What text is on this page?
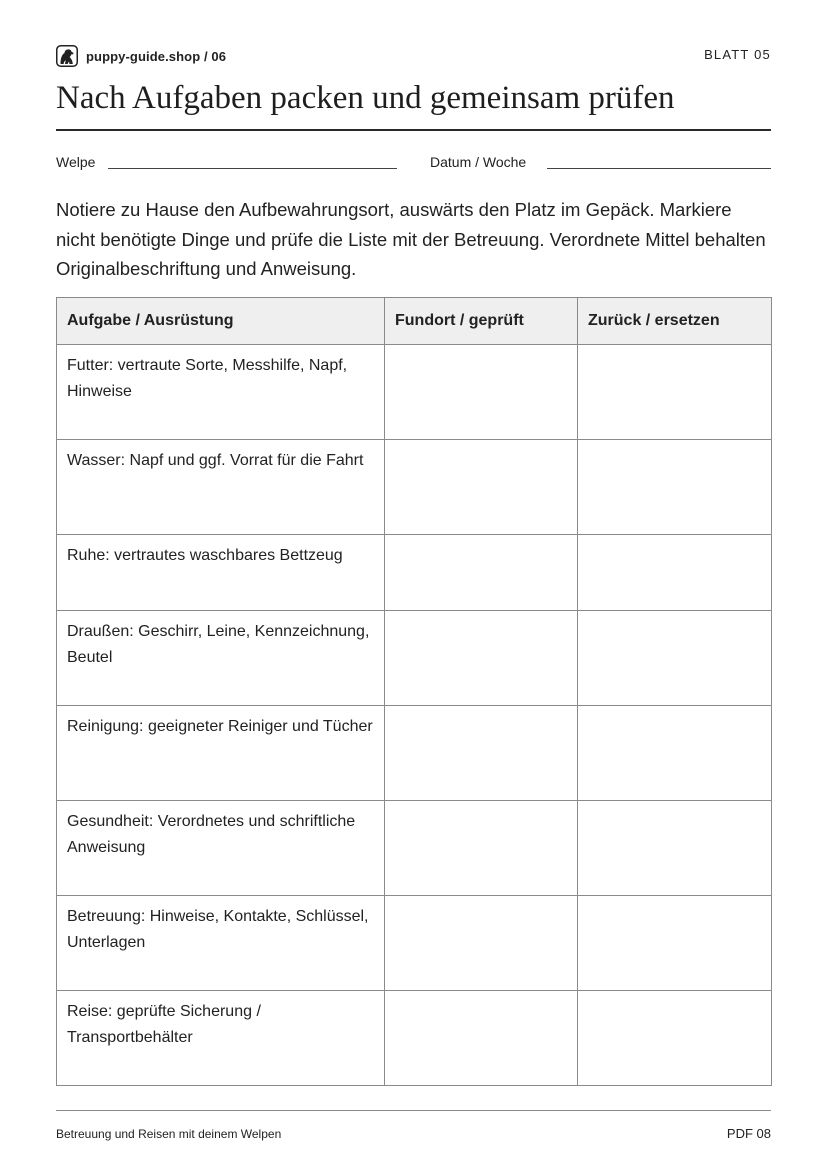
puppy-guide.shop / 06	BLATT 05
Nach Aufgaben packen und gemeinsam prüfen
Welpe	Datum / Woche

Notiere zu Hause den Aufbewahrungsort, auswärts den Platz im Gepäck. Markiere nicht benötigte Dinge und prüfe die Liste mit der Betreuung. Verordnete Mittel behalten Originalbeschriftung und Anweisung.

Aufgabe / Ausrüstung	Fundort / geprüft	Zurück / ersetzen
Futter: vertraute Sorte, Messhilfe, Napf, Hinweise		
Wasser: Napf und ggf. Vorrat für die Fahrt		
Ruhe: vertrautes waschbares Bettzeug		
Draußen: Geschirr, Leine, Kennzeichnung, Beutel		
Reinigung: geeigneter Reiniger und Tücher		
Gesundheit: Verordnetes und schriftliche Anweisung		
Betreuung: Hinweise, Kontakte, Schlüssel, Unterlagen		
Reise: geprüfte Sicherung / Transportbehälter		
Betreuung und Reisen mit deinem Welpen	PDF 08
